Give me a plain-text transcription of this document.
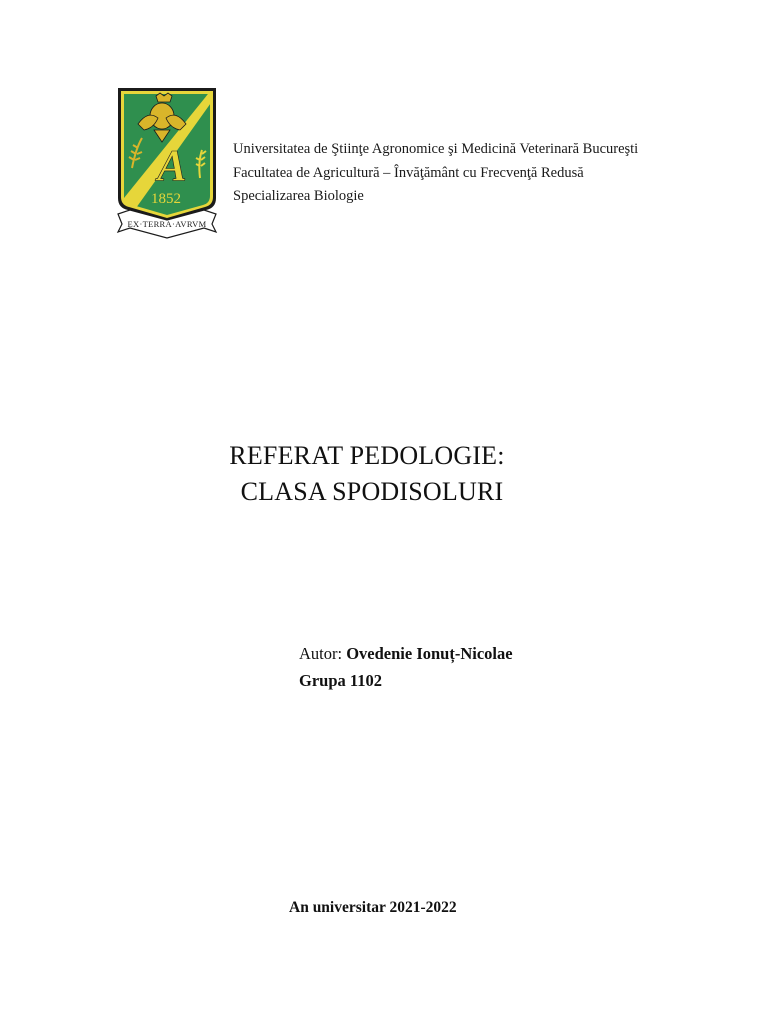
A
1852
EX·TERRA·AVRVM
Universitatea de Ştiinţe Agronomice şi Medicină Veterinară Bucureşti
Facultatea de Agricultură – Învăţământ cu Frecvenţă Redusă
Specializarea Biologie
REFERAT PEDOLOGIE:
CLASA SPODISOLURI
Autor: Ovedenie Ionuț-Nicolae
Grupa 1102
An universitar 2021-2022
